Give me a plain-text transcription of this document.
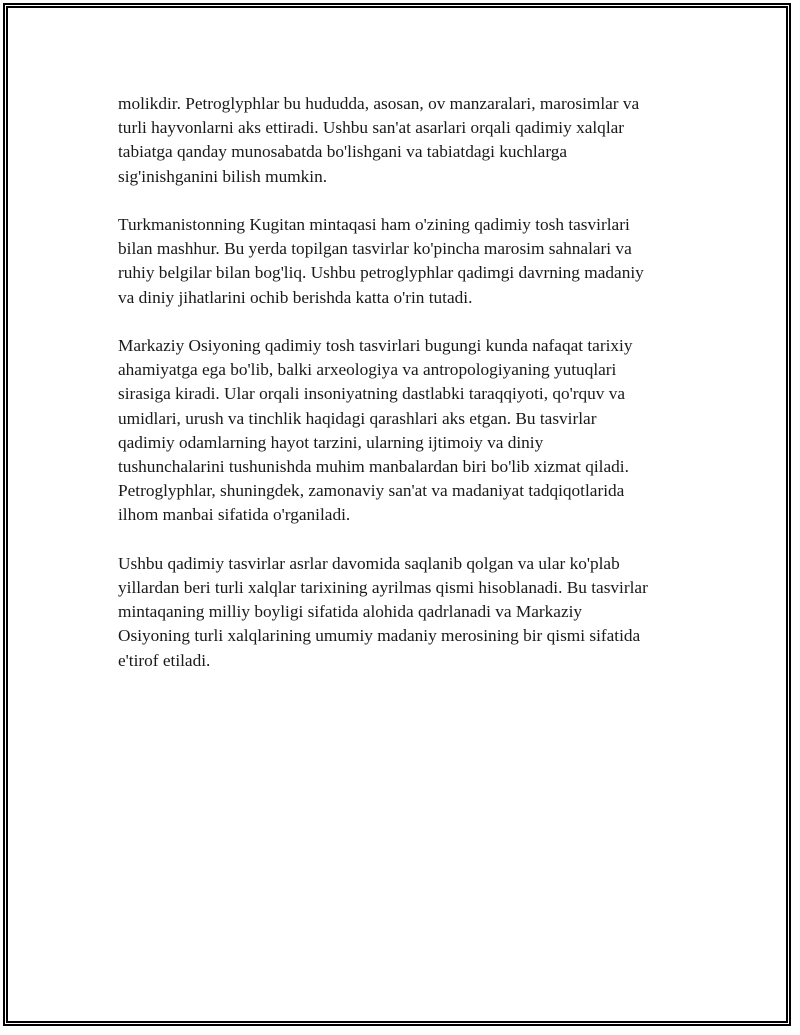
molikdir. Petroglyphlar bu hududda, asosan, ov manzaralari, marosimlar va
turli hayvonlarni aks ettiradi. Ushbu san'at asarlari orqali qadimiy xalqlar
tabiatga qanday munosabatda bo'lishgani va tabiatdagi kuchlarga
sig'inishganini bilish mumkin.

Turkmanistonning Kugitan mintaqasi ham o'zining qadimiy tosh tasvirlari
bilan mashhur. Bu yerda topilgan tasvirlar ko'pincha marosim sahnalari va
ruhiy belgilar bilan bog'liq. Ushbu petroglyphlar qadimgi davrning madaniy
va diniy jihatlarini ochib berishda katta o'rin tutadi.

Markaziy Osiyoning qadimiy tosh tasvirlari bugungi kunda nafaqat tarixiy
ahamiyatga ega bo'lib, balki arxeologiya va antropologiyaning yutuqlari
sirasiga kiradi. Ular orqali insoniyatning dastlabki taraqqiyoti, qo'rquv va
umidlari, urush va tinchlik haqidagi qarashlari aks etgan. Bu tasvirlar
qadimiy odamlarning hayot tarzini, ularning ijtimoiy va diniy
tushunchalarini tushunishda muhim manbalardan biri bo'lib xizmat qiladi.
Petroglyphlar, shuningdek, zamonaviy san'at va madaniyat tadqiqotlarida
ilhom manbai sifatida o'rganiladi.

Ushbu qadimiy tasvirlar asrlar davomida saqlanib qolgan va ular ko'plab
yillardan beri turli xalqlar tarixining ayrilmas qismi hisoblanadi. Bu tasvirlar
mintaqaning milliy boyligi sifatida alohida qadrlanadi va Markaziy
Osiyoning turli xalqlarining umumiy madaniy merosining bir qismi sifatida
e'tirof etiladi.
